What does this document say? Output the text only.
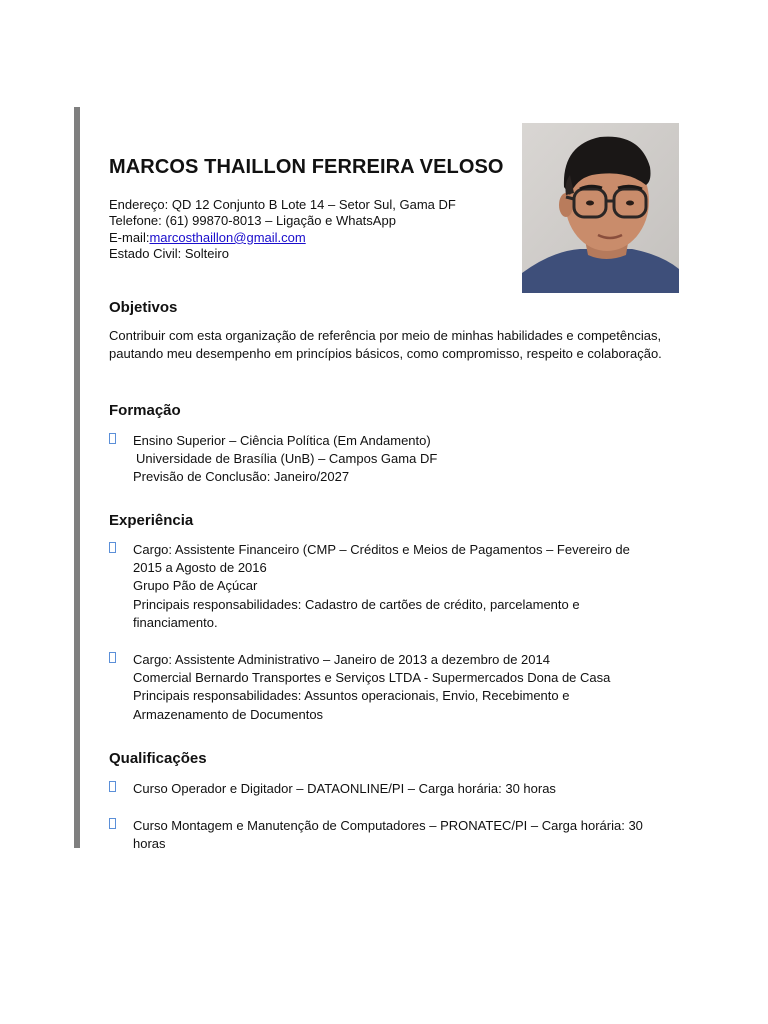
MARCOS THAILLON FERREIRA VELOSO
Endereço: QD 12 Conjunto B Lote 14 – Setor Sul, Gama DF
Telefone: (61) 99870-8013 – Ligação e WhatsApp
E-mail:marcosthaillon@gmail.com
Estado Civil: Solteiro
Objetivos

Contribuir com esta organização de referência por meio de minhas habilidades e competências, pautando meu desempenho em princípios básicos, como compromisso, respeito e colaboração.

Formação
Ensino Superior – Ciência Política (Em Andamento)
Universidade de Brasília (UnB) – Campos Gama DF
Previsão de Conclusão: Janeiro/2027
Experiência
Cargo: Assistente Financeiro (CMP – Créditos e Meios de Pagamentos – Fevereiro de 2015 a Agosto de 2016
Grupo Pão de Açúcar
Principais responsabilidades: Cadastro de cartões de crédito, parcelamento e financiamento.
Cargo: Assistente Administrativo – Janeiro de 2013 a dezembro de 2014
Comercial Bernardo Transportes e Serviços LTDA - Supermercados Dona de Casa
Principais responsabilidades: Assuntos operacionais, Envio, Recebimento e Armazenamento de Documentos
Qualificações
Curso Operador e Digitador – DATAONLINE/PI – Carga horária: 30 horas
Curso Montagem e Manutenção de Computadores – PRONATEC/PI – Carga horária: 30 horas
